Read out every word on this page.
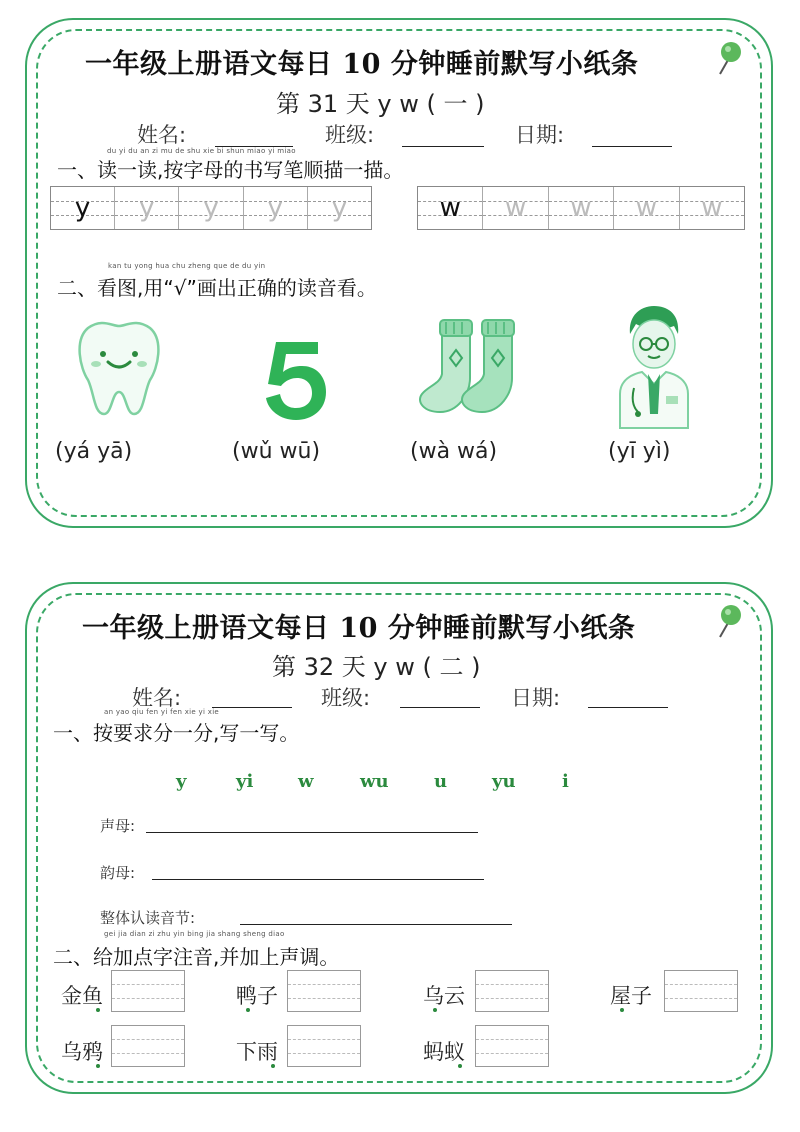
一年级上册语文每日 10 分钟睡前默写小纸条
第 31 天 y w ( 一 )
姓名:	班级:	日期:
du yi du an zi mu de shu xie bi shun miao yi miao
一、读一读,按字母的书写笔顺描一描。
y	y	y	y	y	w	w	w	w	w
kan tu yong hua chu zheng que de du yin
二、看图,用“√”画出正确的读音看。
(yá yā)	(wǔ wū)	(wà wá)	(yī yì)
一年级上册语文每日 10 分钟睡前默写小纸条
第 32 天 y w ( 二 )
姓名:	班级:	日期:
an yao qiu fen yi fen xie yi xie
一、按要求分一分,写一写。
y	yi w	wu	u yu	i
声母:
韵母:
整体认读音节:
gei jia dian zi zhu yin bing jia shang sheng diao
二、给加点字注音,并加上声调。
金鱼	鸭子	乌云	屋子
乌鸦	下雨	蚂蚁
